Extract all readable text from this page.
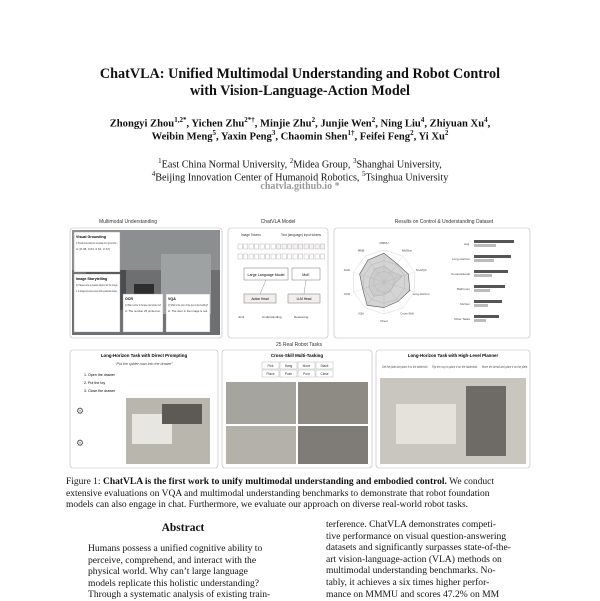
ChatVLA: Unified Multimodal Understanding and Robot Control
with Vision-Language-Action Model
Zhongyi Zhou$^{1,2*}$, Yichen Zhu$^{2*\dagger}$, Minjie Zhu$^2$, Junjie Wen$^2$, Ning Liu$^4$, Zhiyuan Xu$^4$,
Weibin Meng$^5$, Yaxin Peng$^3$, Chaomin Shen$^{1\dagger}$, Feifei Feng$^2$, Yi Xu$^2$
$^1$East China Normal University, $^2$Midea Group, $^3$Shanghai University,
$^4$Beijing Innovation Center of Humanoid Robotics, $^5$Tsinghua University
chatvla.github.io *
Multimodal Understanding	ChatVLA Model	Results on Control & Understanding Dataset
Visual Grounding
Q: Provide the bounding box coordinate of the girls and the ...
A: [0.38, 0.64, 0.61, 0.72]
Image Storytelling
Q: Please write a creative caption for the image.
A: A vintage style street scene with a pedestrian bustle...
OCR
Q: What number is the lane road printed on?
A: The number 25 printed on.
VQA
Q: What is the color of the door in the building?
A: The door in the image is red.
Image Tokens	Text (language) input tokens
Large Language Model	MoE
Action Head	LLM Head
Joint	Understanding	Reasoning
MMMU
MMStar
TextVQA
Long-Horizon
Cross-Skill
Direct
VQA
OCR
AI2D
MMB
Avg.
Long-Horizon
Compositional
Bathroom
Kitchen
Other Tasks
25 Real Robot Tasks
Long-Horizon Task with Direct Prompting
“Put the spider-man into the drawer”
1. Open the drawer
2. Put the toy
3. Close the drawer
⚙
⚙
Cross-Skill Multi-Tasking
Pick	Hang	Move	Stack
Place	Push	Pour	Close
Long-Horizon Task with High-Level Planner
Get the plate and place it on the tablecloth. Flip the cup to place it on the tablecloth. Move the bread and place it on the plate.
Figure 1: ChatVLA is the first work to unify multimodal understanding and embodied control. We conduct
extensive evaluations on VQA and multimodal understanding benchmarks to demonstrate that robot foundation
models can also engage in chat. Furthermore, we evaluate our approach on diverse real-world robot tasks.
Abstract
Humans possess a unified cognitive ability to
perceive, comprehend, and interact with the
physical world. Why can’t large language
models replicate this holistic understanding?
Through a systematic analysis of existing train-
terference. ChatVLA demonstrates competi-
tive performance on visual question-answering
datasets and significantly surpasses state-of-the-
art vision-language-action (VLA) methods on
multimodal understanding benchmarks. No-
tably, it achieves a six times higher perfor-
mance on MMMU and scores 47.2% on MM
